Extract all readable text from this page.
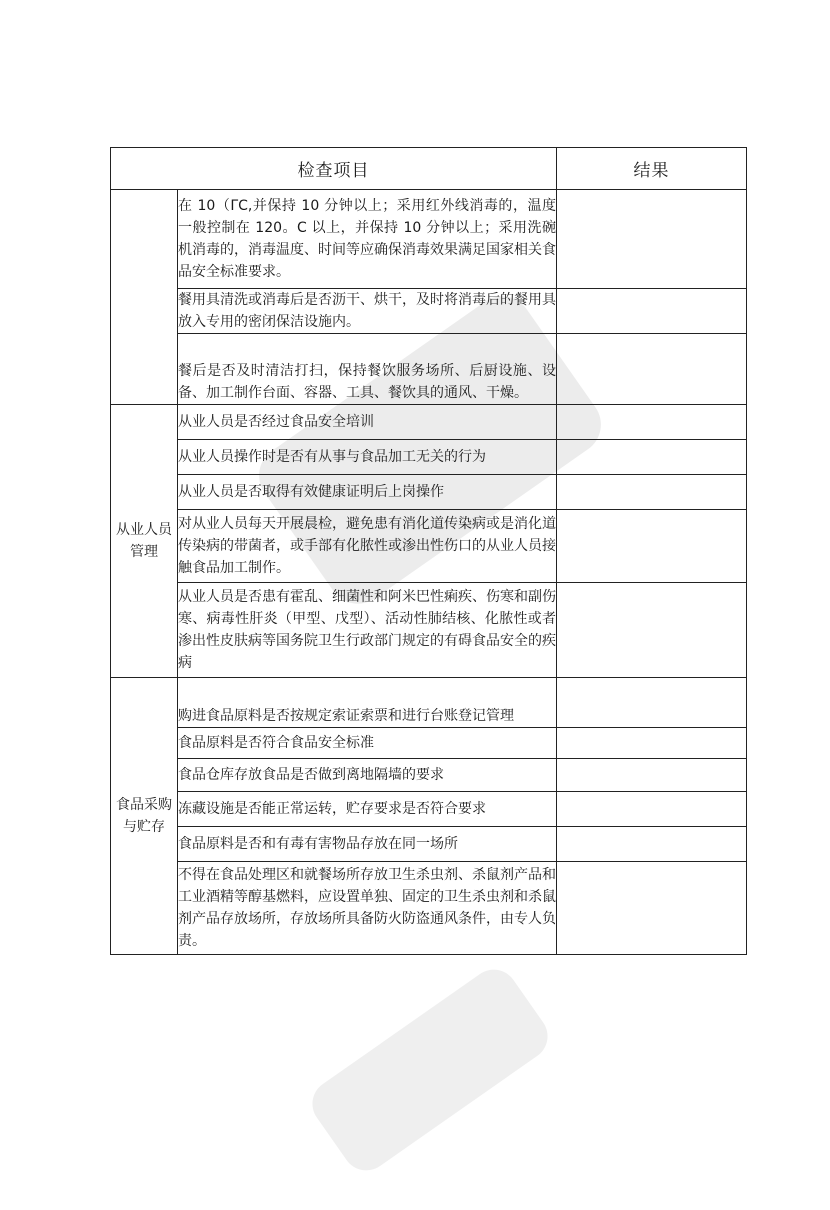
检查项目		结果
	在 10（ΓC,并保持 10 分钟以上；采用红外线消毒的，温度一般控制在 120。C 以上，并保持 10 分钟以上；采用洗碗机消毒的，消毒温度、时间等应确保消毒效果满足国家相关食品安全标准要求。	
	餐用具清洗或消毒后是否沥干、烘干，及时将消毒后的餐用具放入专用的密闭保洁设施内。	
	餐后是否及时清洁打扫，保持餐饮服务场所、后厨设施、设备、加工制作台面、容器、工具、餐饮具的通风、干燥。	
从业人员管理	从业人员是否经过食品安全培训	
	从业人员操作时是否有从事与食品加工无关的行为	
	从业人员是否取得有效健康证明后上岗操作	
	对从业人员每天开展晨检，避免患有消化道传染病或是消化道传染病的带菌者，或手部有化脓性或渗出性伤口的从业人员接触食品加工制作。	
	从业人员是否患有霍乱、细菌性和阿米巴性痢疾、伤寒和副伤寒、病毒性肝炎（甲型、戊型）、活动性肺结核、化脓性或者渗出性皮肤病等国务院卫生行政部门规定的有碍食品安全的疾病	
食品采购与贮存	购进食品原料是否按规定索证索票和进行台账登记管理	
	食品原料是否符合食品安全标准	
	食品仓库存放食品是否做到离地隔墙的要求	
	冻藏设施是否能正常运转，贮存要求是否符合要求	
	食品原料是否和有毒有害物品存放在同一场所	
	不得在食品处理区和就餐场所存放卫生杀虫剂、杀鼠剂产品和工业酒精等醇基燃料，应设置单独、固定的卫生杀虫剂和杀鼠剂产品存放场所，存放场所具备防火防盗通风条件，由专人负责。	
